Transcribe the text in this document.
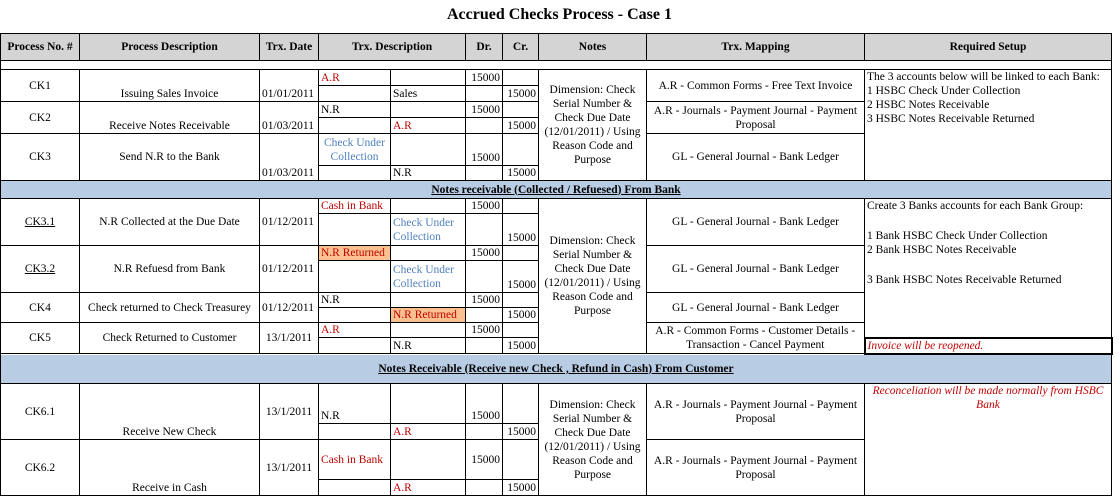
Accrued Checks Process - Case 1
Process No. #	Process Description	Trx. Date	Trx. Description		Dr.	Cr.	Notes	Trx. Mapping	Required Setup

CK1	Issuing Sales Invoice	01/01/2011	A.R		15000		Dimension: Check Serial Number & Check Due Date (12/01/2011) / Using Reason Code and Purpose	A.R - Common Forms - Free Text Invoice	The 3 accounts below will be linked to each Bank:
1 HSBC Check Under Collection
2 HSBC Notes Receivable
3 HSBC Notes Receivable Returned

				Sales		15000			
CK2	Receive Notes Receivable	01/03/2011	N.R		15000			A.R - Journals - Payment Journal - Payment Proposal	
				A.R		15000			
CK3	Send N.R to the Bank	01/03/2011	Check Under Collection		15000			GL - General Journal - Bank Ledger	
				N.R		15000			
Notes receivable (Collected / Refuesed) From Bank									
CK3.1	N.R Collected at the Due Date	01/12/2011	Cash in Bank		15000		Dimension: Check Serial Number & Check Due Date (12/01/2011) / Using Reason Code and Purpose	GL - General Journal - Bank Ledger	Create 3 Banks accounts for each Bank Group:
1 Bank HSBC Check Under Collection
2 Bank HSBC Notes Receivable
3 Bank HSBC Notes Receivable Returned

				Check Under Collection		15000			
CK3.2	N.R Refuesd from Bank	01/12/2011	N.R Returned		15000			GL - General Journal - Bank Ledger	
				Check Under Collection		15000			
CK4	Check returned to Check Treasurey	01/12/2011	N.R		15000			GL - General Journal - Bank Ledger	
				N.R Returned		15000			
CK5	Check Returned to Customer	13/1/2011	A.R		15000			A.R - Common Forms - Customer Details - Transaction - Cancel Payment	
				N.R		15000			Invoice will be reopened.
Notes Receivable (Receive new Check , Refund in Cash) From Customer									
CK6.1	Receive New Check	13/1/2011	N.R		15000		Dimension: Check Serial Number & Check Due Date (12/01/2011) / Using Reason Code and Purpose	A.R - Journals - Payment Journal - Payment Proposal	Reconceliation will be made normally from HSBC Bank
				A.R		15000			
CK6.2	Receive in Cash	13/1/2011	Cash in Bank		15000			A.R - Journals - Payment Journal - Payment Proposal	
				A.R		15000			
